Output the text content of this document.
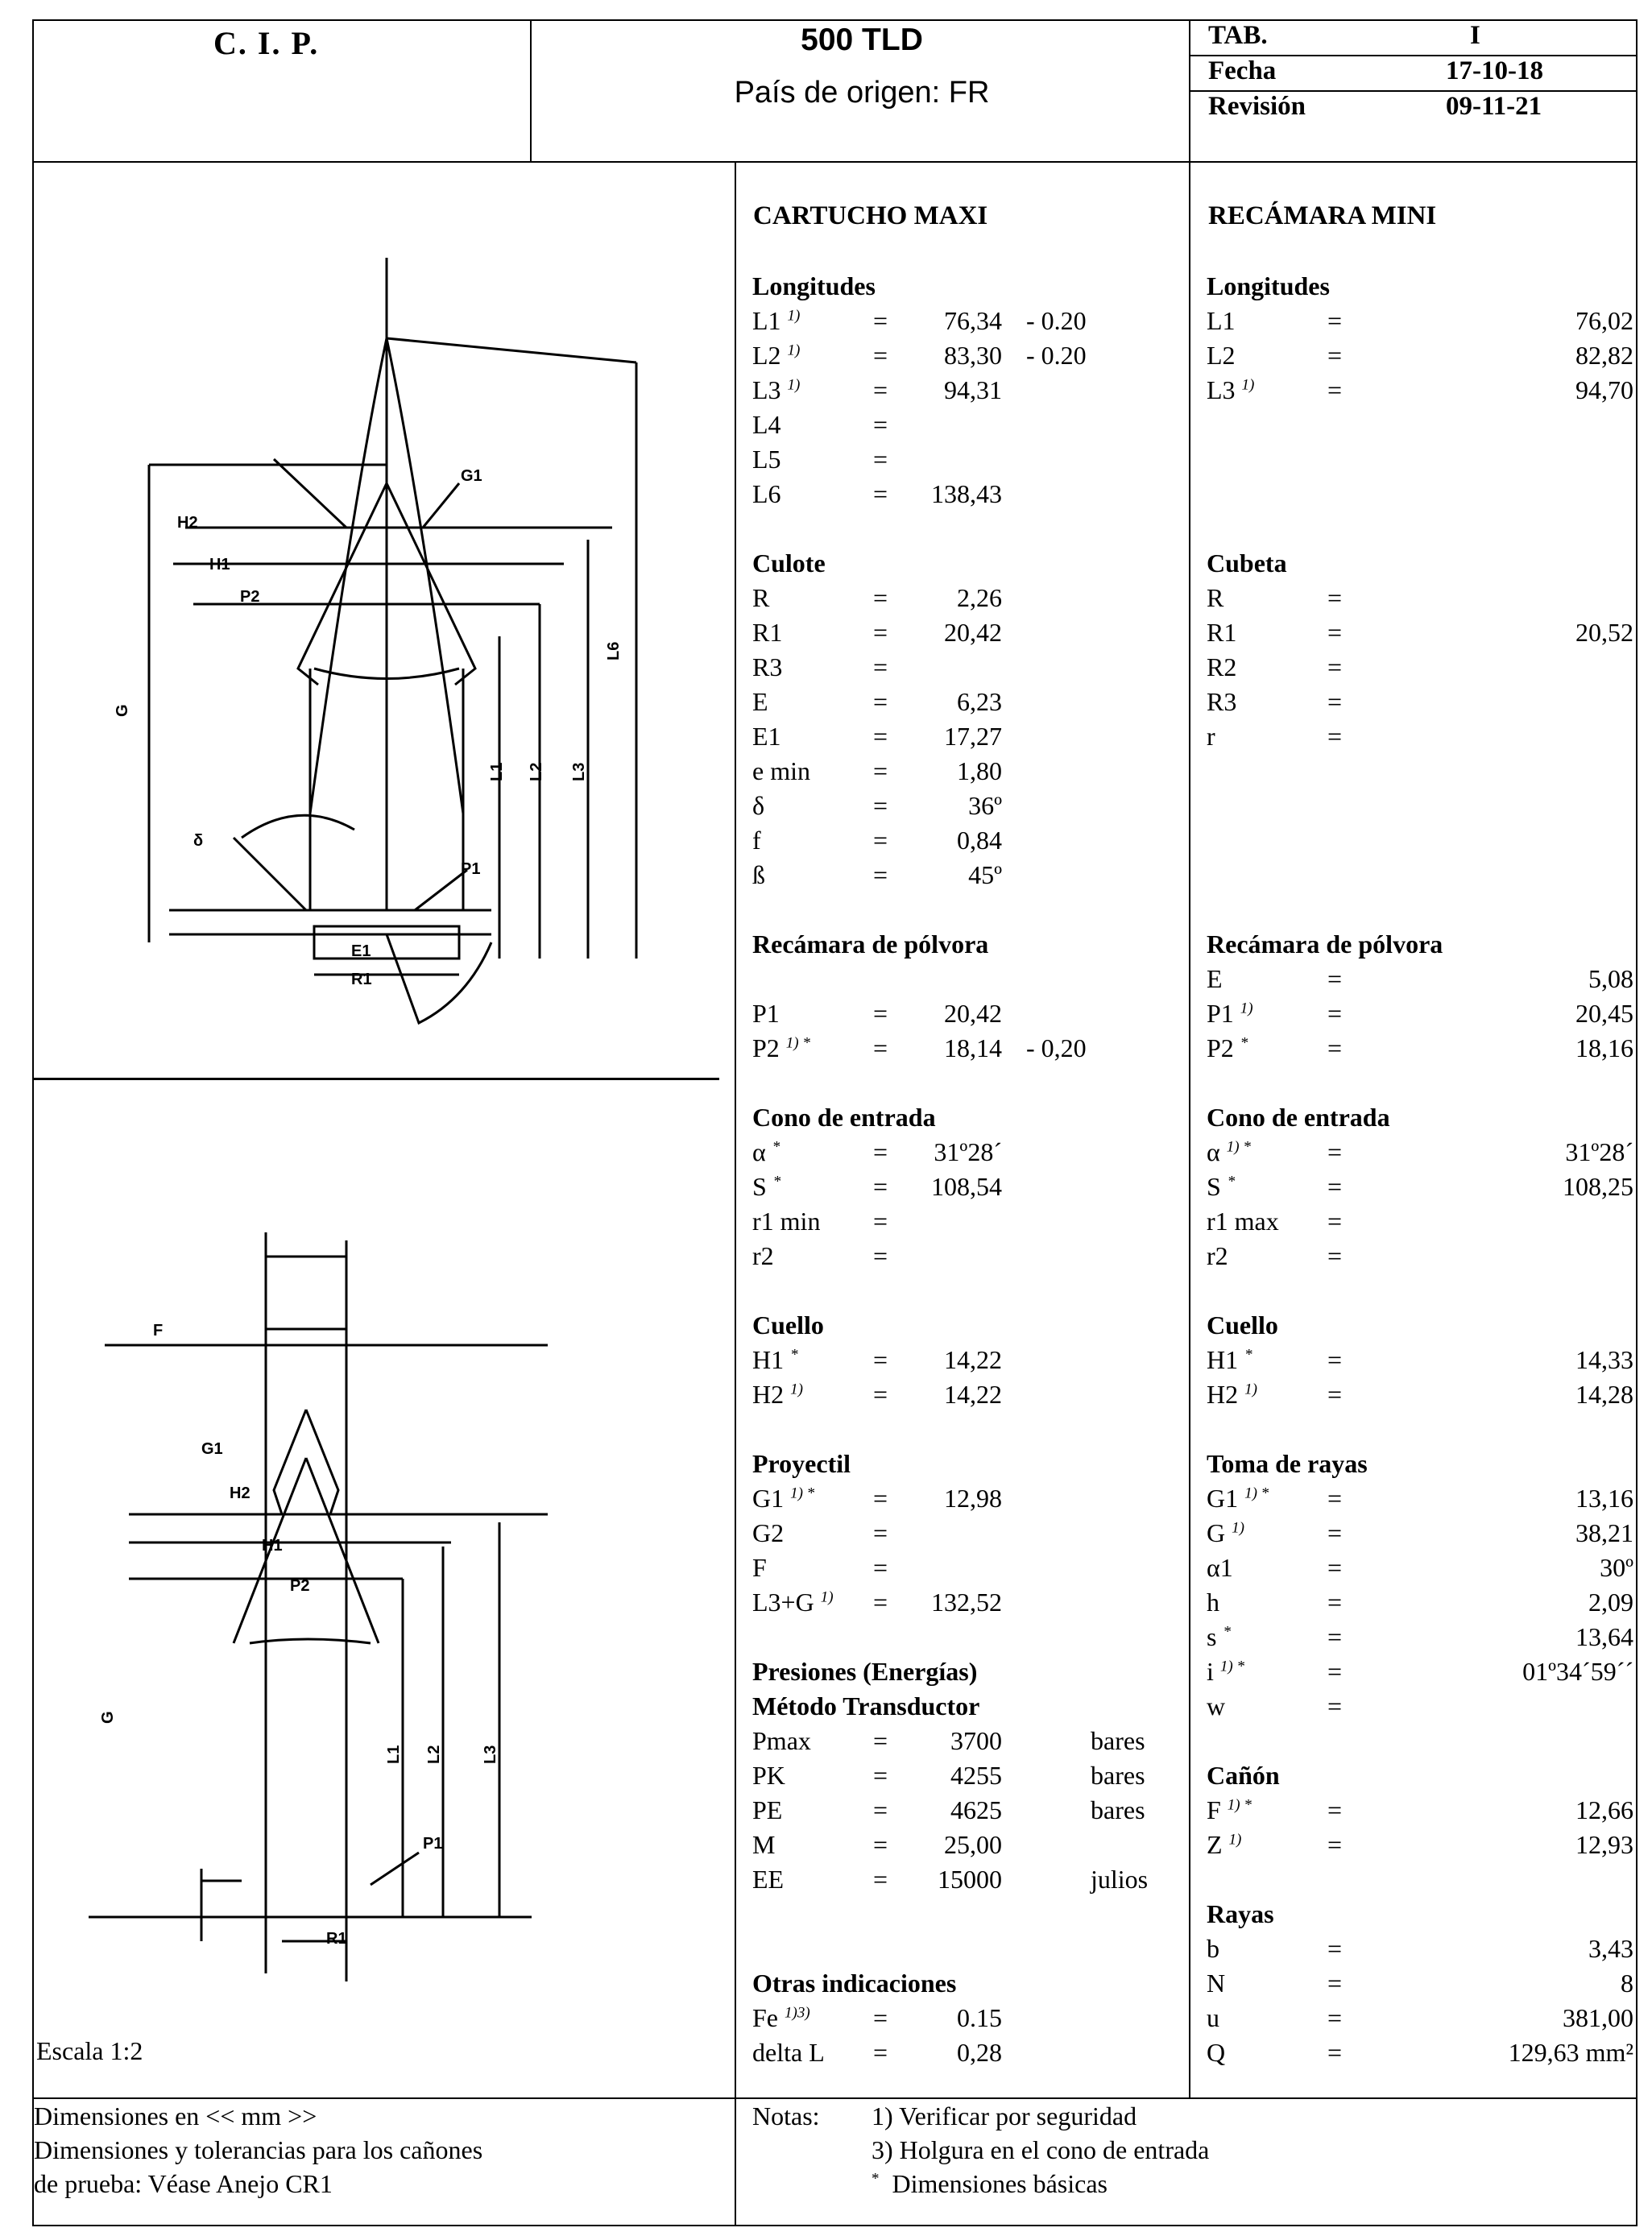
C. I. P.	500 TLD
País de origen: FR
TAB.	I
Fecha	17-10-18
Revisión	09-11-21
H2
H1
P2
G1
δ
P1
E1
R1
G
L6
L3
L2
L1
F
G1
H2
H1
P2
P1
R1
G
L1 L2 L3
Escala 1:2
CARTUCHO MAXI	RECÁMARA MINI
Longitudes
L1 $^{1)}$	= 76,34 - 0.20
L2 $^{1)}$	= 83,30 - 0.20
L3 $^{1)}$	= 94,31
L4	=
L5	=
L6	= 138,43
Culote
R	=	2,26
R1	= 20,42
R3	=
E	=	6,23
E1	= 17,27
e min =	1,80
δ	=	36º
f	=	0,84
ß	=	45º
Recámara de pólvora
P1	= 20,42
P2 $^{1) *}$ = 18,14 - 0,20
Cono de entrada
α *	= 31º28´
S *	= 108,54
r1 min =
r2	=
Cuello
H1 *	= 14,22
H2 $^{1)}$	= 14,22
Proyectil
G1 $^{1) *}$ = 12,98
G2	=
F	=
L3+G $^{1)}$ = 132,52
Presiones (Energías)
Método Transductor
Pmax = 3700	bares
PK	= 4255	bares
PE	= 4625	bares
M	= 25,00
EE	= 15000	julios
Otras indicaciones
Fe $^{1)3)}$ =	0.15
delta L =	0,28
Longitudes
L1	=	76,02
L2	=	82,82
L3 $^{1)}$	=	94,70
Cubeta
R	=
R1	=	20,52
R2	=
R3	=
r	=
Recámara de pólvora
E	=	5,08
P1 $^{1)}$	=	20,45
P2 *	=	18,16
Cono de entrada
α $^{1) *}$	=	31º28´
S *	=	108,25
r1 max =
r2	=
Cuello
H1 *	=	14,33
H2 $^{1)}$	=	14,28
Toma de rayas
G1 $^{1) *}$ =	13,16
G $^{1)}$	=	38,21
α1	=	30º
h	=	2,09
s *	=	13,64
i $^{1) *}$	=	01º34´59´´
w	=
Cañón
F $^{1) *}$	=	12,66
Z $^{1)}$	=	12,93
Rayas
b	=	3,43
N	=	8
u	=	381,00
Q	=	129,63 mm²
Dimensiones en << mm >>
Dimensiones y tolerancias para los cañones
de prueba: Véase Anejo CR1
Notas: 1) Verificar por seguridad
3) Holgura en el cono de entrada
* Dimensiones básicas
